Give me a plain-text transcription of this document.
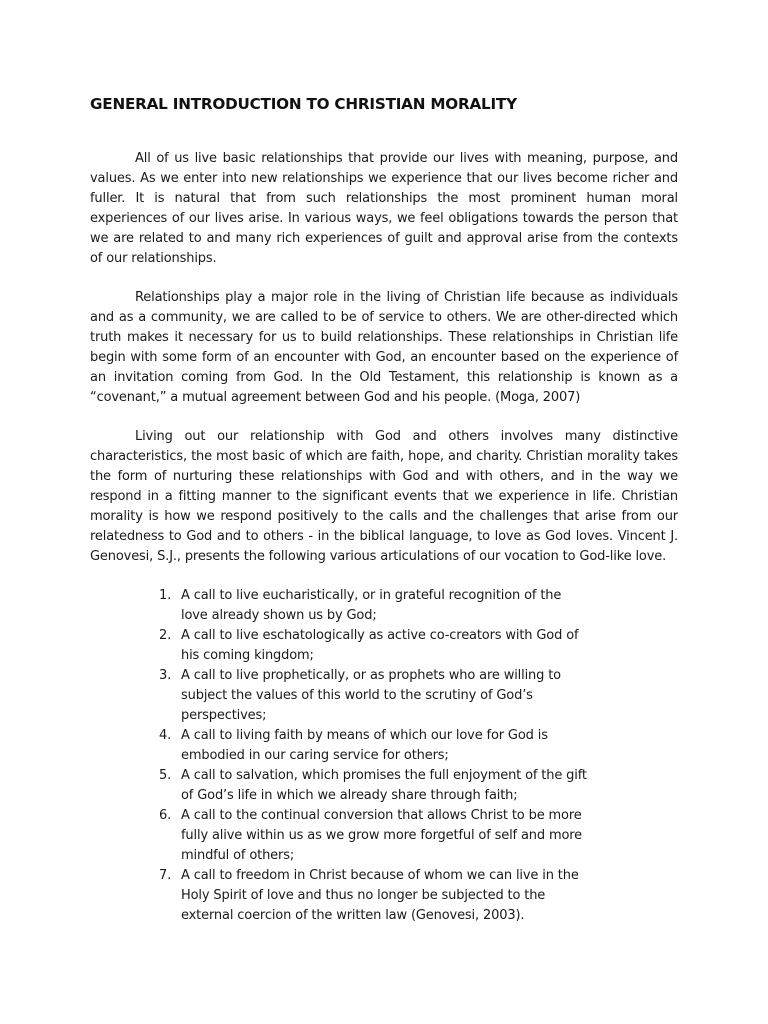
GENERAL INTRODUCTION TO CHRISTIAN MORALITY

All of us live basic relationships that provide our lives with meaning, purpose, and values. As we enter into new relationships we experience that our lives become richer and fuller. It is natural that from such relationships the most prominent human moral experiences of our lives arise. In various ways, we feel obligations towards the person that we are related to and many rich experiences of guilt and approval arise from the contexts of our relationships.

Relationships play a major role in the living of Christian life because as individuals and as a community, we are called to be of service to others. We are other-directed which truth makes it necessary for us to build relationships. These relationships in Christian life begin with some form of an encounter with God, an encounter based on the experience of an invitation coming from God. In the Old Testament, this relationship is known as a “covenant,” a mutual agreement between God and his people. (Moga, 2007)

Living out our relationship with God and others involves many distinctive characteristics, the most basic of which are faith, hope, and charity. Christian morality takes the form of nurturing these relationships with God and with others, and in the way we respond in a fitting manner to the significant events that we experience in life. Christian morality is how we respond positively to the calls and the challenges that arise from our relatedness to God and to others - in the biblical language, to love as God loves. Vincent J. Genovesi, S.J., presents the following various articulations of our vocation to God-like love.

1. A call to live eucharistically, or in grateful recognition of the love already shown us by God;
2. A call to live eschatologically as active co-creators with God of his coming kingdom;
3. A call to live prophetically, or as prophets who are willing to subject the values of this world to the scrutiny of God’s perspectives;
4. A call to living faith by means of which our love for God is embodied in our caring service for others;
5. A call to salvation, which promises the full enjoyment of the gift of God’s life in which we already share through faith;
6. A call to the continual conversion that allows Christ to be more fully alive within us as we grow more forgetful of self and more mindful of others;
7. A call to freedom in Christ because of whom we can live in the Holy Spirit of love and thus no longer be subjected to the external coercion of the written law (Genovesi, 2003).
